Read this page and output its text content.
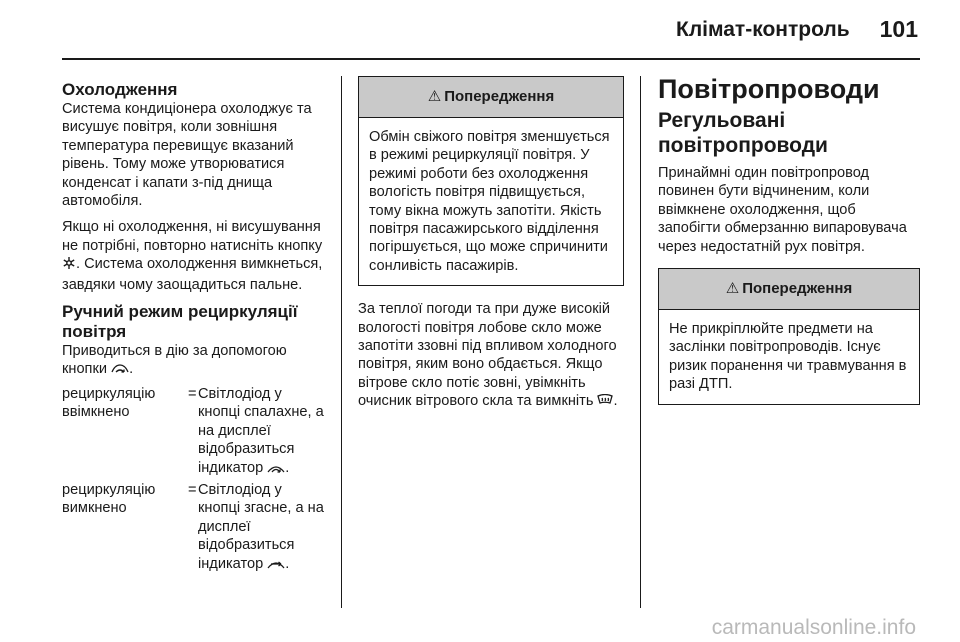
Клімат-контроль 101
Охолодження

Система кондиціонера охолоджує та висушує повітря, коли зовнішня температура перевищує вказаний рівень. Тому може утворюватися конденсат і капати з-під днища автомобіля.

Якщо ні охолодження, ні висушування не потрібні, повторно натисніть кнопку . Система охолодження вимкнеться, завдяки чому заощадиться пальне.

Ручний режим рециркуляції повітря

Приводиться в дію за допомогою кнопки .

рециркуляцію ввімкнено	=	Світлодіод у кнопці спалахне, а на дисплеї відобразиться індикатор .
рециркуляцію вимкнено	=	Світлодіод у кнопці згасне, а на дисплеї відобразиться індикатор .
⚠ Попередження
Обмін свіжого повітря зменшується в режимі рециркуляції повітря. У режимі роботи без охолодження вологість повітря підвищується, тому вікна можуть запотіти. Якість повітря пасажирського відділення погіршується, що може спричинити сонливість пасажирів.

За теплої погоди та при дуже високій вологості повітря лобове скло може запотіти ззовні під впливом холодного повітря, яким воно обдається. Якщо вітрове скло потіє зовні, увімкніть очисник вітрового скла та вимкніть .

Повітропроводи
Регульовані повітропроводи

Принаймні один повітропровод повинен бути відчиненим, коли ввімкнене охолодження, щоб запобігти обмерзанню випаровувача через недостатній рух повітря.

⚠ Попередження
Не прикріплюйте предмети на заслінки повітропроводів. Існує ризик поранення чи травмування в разі ДТП.
carmanualsonline.info
